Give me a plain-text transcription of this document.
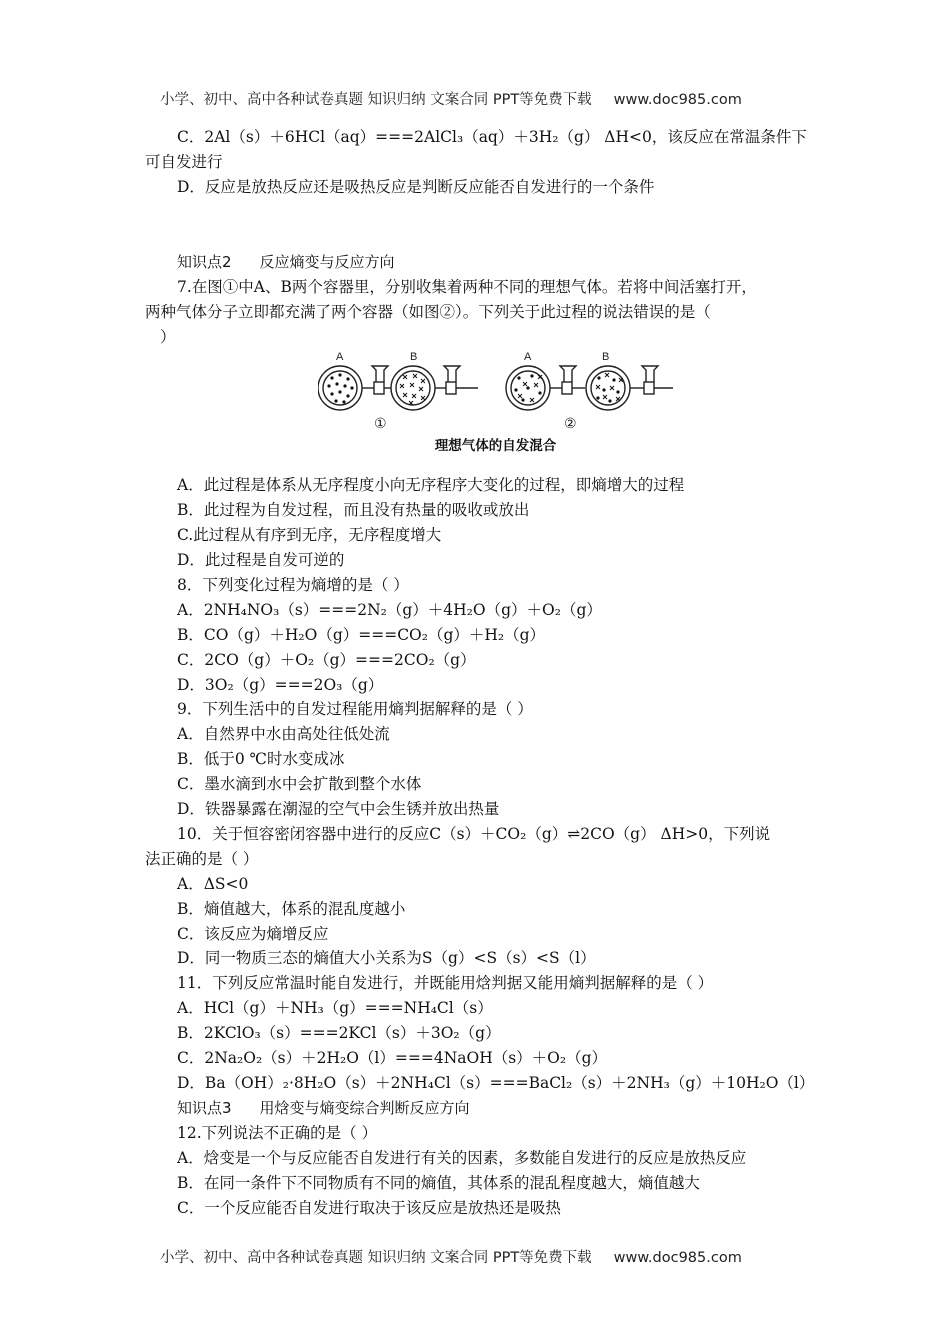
小学、初中、高中各种试卷真题 知识归纳 文案合同 PPT等免费下载 www.doc985.com
C．2Al（s）＋6HCl（aq）===2AlCl₃（aq）＋3H₂（g） ΔH<0，该反应在常温条件下
可自发进行
D．反应是放热反应还是吸热反应是判断反应能否自发进行的一个条件
知识点2 反应熵变与反应方向
7.在图①中A、B两个容器里，分别收集着两种不同的理想气体。若将中间活塞打开，
两种气体分子立即都充满了两个容器（如图②）。下列关于此过程的说法错误的是（
）
A	B	A	B
①	②
理想气体的自发混合
A．此过程是体系从无序程度小向无序程序大变化的过程，即熵增大的过程
B．此过程为自发过程，而且没有热量的吸收或放出
C.此过程从有序到无序，无序程度增大
D．此过程是自发可逆的
8．下列变化过程为熵增的是（ ）
A．2NH₄NO₃（s）===2N₂（g）＋4H₂O（g）＋O₂（g）
B．CO（g）＋H₂O（g）===CO₂（g）＋H₂（g）
C．2CO（g）＋O₂（g）===2CO₂（g）
D．3O₂（g）===2O₃（g）
9．下列生活中的自发过程能用熵判据解释的是（ ）
A．自然界中水由高处往低处流
B．低于0 ℃时水变成冰
C．墨水滴到水中会扩散到整个水体
D．铁器暴露在潮湿的空气中会生锈并放出热量
10．关于恒容密闭容器中进行的反应C（s）＋CO₂（g）⇌2CO（g） ΔH>0，下列说
法正确的是（ ）
A．ΔS<0
B．熵值越大，体系的混乱度越小
C．该反应为熵增反应
D．同一物质三态的熵值大小关系为S（g）<S（s）<S（l）
11．下列反应常温时能自发进行，并既能用焓判据又能用熵判据解释的是（ ）
A．HCl（g）＋NH₃（g）===NH₄Cl（s）
B．2KClO₃（s）===2KCl（s）＋3O₂（g）
C．2Na₂O₂（s）＋2H₂O（l）===4NaOH（s）＋O₂（g）
D．Ba（OH）₂·8H₂O（s）＋2NH₄Cl（s）===BaCl₂（s）＋2NH₃（g）＋10H₂O（l）
知识点3 用焓变与熵变综合判断反应方向
12.下列说法不正确的是（ ）
A．焓变是一个与反应能否自发进行有关的因素，多数能自发进行的反应是放热反应
B．在同一条件下不同物质有不同的熵值，其体系的混乱程度越大，熵值越大
C．一个反应能否自发进行取决于该反应是放热还是吸热
小学、初中、高中各种试卷真题 知识归纳 文案合同 PPT等免费下载 www.doc985.com
